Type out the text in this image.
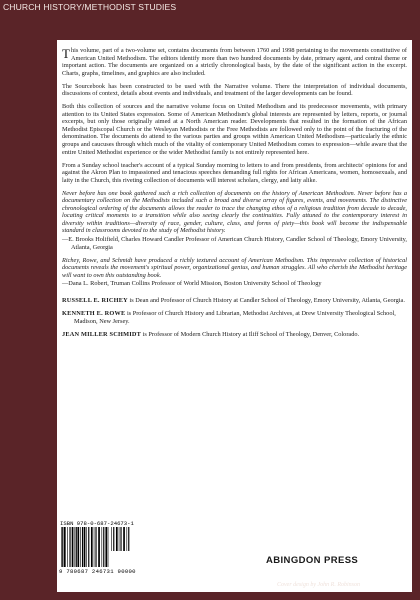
CHURCH HISTORY/METHODIST STUDIES

This volume, part of a two-volume set, contains documents from between 1760 and 1998 pertaining to the movements constitutive of American United Methodism. The editors identify more than two hundred documents by date, primary agent, and central theme or important action. The documents are organized on a strictly chronological basis, by the date of the significant action in the excerpt. Charts, graphs, timelines, and graphics are also included.

The Sourcebook has been constructed to be used with the Narrative volume. There the interpretation of individual documents, discussions of context, details about events and individuals, and treatment of the larger developments can be found.

Both this collection of sources and the narrative volume focus on United Methodism and its predecessor movements, with primary attention to its United States expression. Some of American Methodism's global interests are represented by letters, reports, or journal excerpts, but only those originally aimed at a North American reader. Developments that resulted in the formation of the African Methodist Episcopal Church or the Wesleyan Methodists or the Free Methodists are followed only to the point of the fracturing of the denomination. The documents do attend to the various parties and groups within American United Methodism—particularly the ethnic groups and caucuses through which much of the vitality of contemporary United Methodism comes to expression—while aware that the entire United Methodist experience or the wider Methodist family is not entirely represented here.

From a Sunday school teacher's account of a typical Sunday morning to letters to and from presidents, from architects' opinions for and against the Akron Plan to impassioned and tenacious speeches demanding full rights for African Americans, women, homosexuals, and laity in the Church, this riveting collection of documents will interest scholars, clergy, and laity alike.

Never before has one book gathered such a rich collection of documents on the history of American Methodism. Never before has a documentary collection on the Methodists included such a broad and diverse array of figures, events, and movements. The distinctive chronological ordering of the documents allows the reader to trace the changing ethos of a religious tradition from decade to decade, locating critical moments to a transition while also seeing clearly the continuities. Fully attuned to the contemporary interest in diversity within traditions—diversity of race, gender, culture, class, and forms of piety—this book will become the indispensable standard in classrooms devoted to the study of Methodist history.

—E. Brooks Holifield, Charles Howard Candler Professor of American Church History, Candler School of Theology, Emory University, Atlanta, Georgia

Richey, Rowe, and Schmidt have produced a richly textured account of American Methodism. This impressive collection of historical documents reveals the movement's spiritual power, organizational genius, and human struggles. All who cherish the Methodist heritage will want to own this outstanding book.

—Dana L. Robert, Truman Collins Professor of World Mission, Boston University School of Theology

RUSSELL E. RICHEY is Dean and Professor of Church History at Candler School of Theology, Emory University, Atlanta, Georgia.

KENNETH E. ROWE is Professor of Church History and Librarian, Methodist Archives, at Drew University Theological School, Madison, New Jersey.

JEAN MILLER SCHMIDT is Professor of Modern Church History at Iliff School of Theology, Denver, Colorado.

ISBN 978-0-687-24673-1
9 780687 246731 90000
ABINGDON PRESS
Cover design by John R. Robinson
